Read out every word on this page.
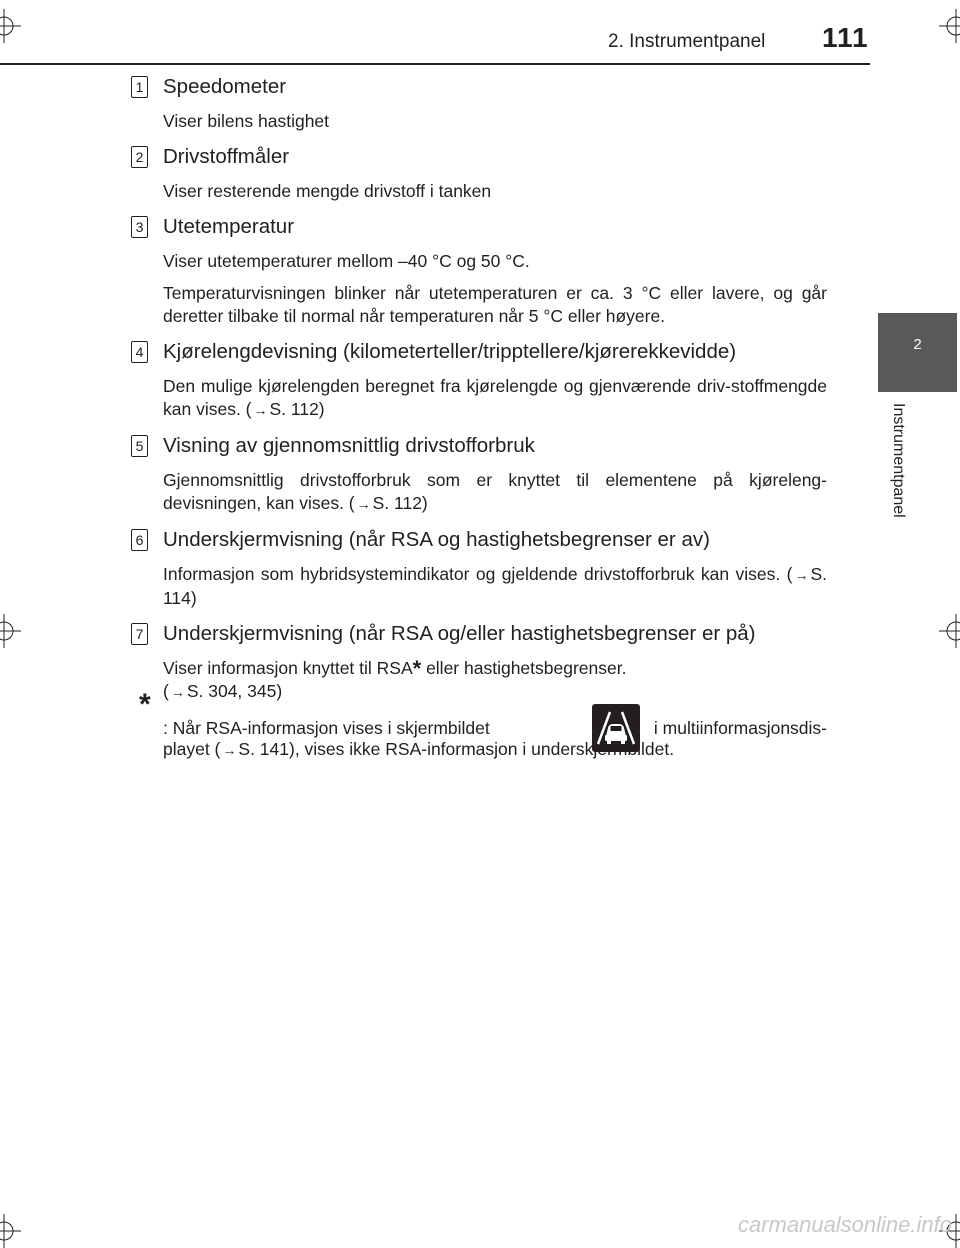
2. Instrumentpanel 111
2
Instrumentpanel
1 Speedometer

Viser bilens hastighet

2 Drivstoffmåler

Viser resterende mengde drivstoff i tanken

3 Utetemperatur

Viser utetemperaturer mellom –40 °C og 50 °C.

Temperaturvisningen blinker når utetemperaturen er ca. 3 °C eller lavere, og går deretter tilbake til normal når temperaturen når 5 °C eller høyere.

4 Kjørelengdevisning (kilometerteller/tripptellere/kjørerekkevidde)

Den mulige kjørelengden beregnet fra kjørelengde og gjenværende driv-stoffmengde kan vises. ( → S. 112)

5 Visning av gjennomsnittlig drivstofforbruk

Gjennomsnittlig drivstofforbruk som er knyttet til elementene på kjøreleng-devisningen, kan vises. ( → S. 112)

6 Underskjermvisning (når RSA og hastighetsbegrenser er av)

Informasjon som hybridsystemindikator og gjeldende drivstofforbruk kan vises. ( → S. 114)

7 Underskjermvisning (når RSA og/eller hastighetsbegrenser er på)

Viser informasjon knyttet til RSA* eller hastighetsbegrenser.
( → S. 304, 345)

*
: Når RSA-informasjon vises i skjermbildet	i multiinformasjonsdis-
playet ( → S. 141), vises ikke RSA-informasjon i underskjermbildet.
carmanualsonline.info
